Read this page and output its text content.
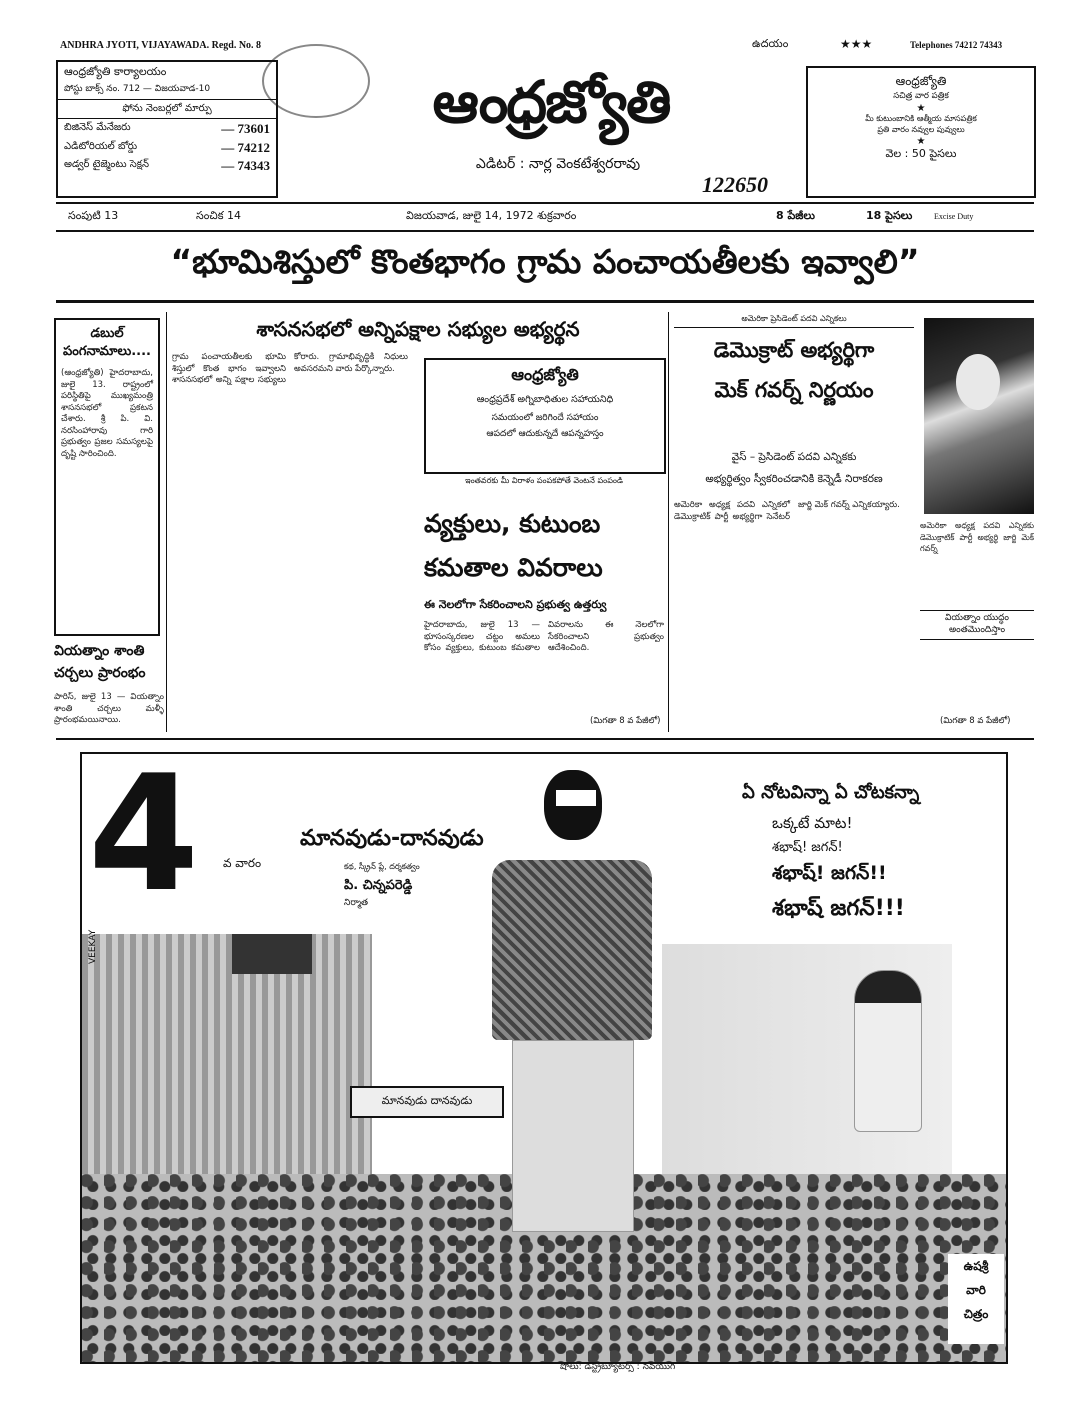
ANDHRA JYOTI, VIJAYAWADA. Regd. No. 8	ఉదయం	★★★	Telephones 74212 74343
ఆంధ్రజ్యోతి కార్యాలయం
పోస్టు బాక్స్ నం. 712 — విజయవాడ-10
ఫోను నెంబర్లలో మార్పు
బిజినెస్ మేనేజరు	— 73601
ఎడిటోరియల్ బోర్డు	— 74212
అడ్వర్ టైజ్మెంటు సెక్షన్	— 74343
ఆంధ్రజ్యోతి
ఎడిటర్ : నార్ల వెంకటేశ్వరరావు
122650
ఆంధ్రజ్యోతి
సచిత్ర వార పత్రిక
★
మీ కుటుంబానికి ఆత్మీయ మాసపత్రిక
ప్రతి వారం నవ్వుల పువ్వులు
★
వెల : 50 పైసలు
సంపుటి 13	సంచిక 14	విజయవాడ, జులై 14, 1972 శుక్రవారం	8 పేజీలు	18 పైసలు	Excise Duty
“భూమిశిస్తులో కొంతభాగం గ్రామ పంచాయతీలకు ఇవ్వాలి”
డబుల్ పంగనామాలు....
(ఆంధ్రజ్యోతి) హైదరాబాదు, జులై 13. రాష్ట్రంలో పరిస్థితిపై ముఖ్యమంత్రి శాసనసభలో ప్రకటన చేశారు. శ్రీ పి. వి. నరసింహారావు గారి ప్రభుత్వం ప్రజల సమస్యలపై దృష్టి సారించింది.
వియత్నాం శాంతి చర్చలు ప్రారంభం
పారిస్, జులై 13 — వియత్నాం శాంతి చర్చలు మళ్ళీ ప్రారంభమయినాయి.
శాసనసభలో అన్నిపక్షాల సభ్యుల అభ్యర్థన
గ్రామ పంచాయతీలకు భూమి శిస్తులో కొంత భాగం ఇవ్వాలని శాసనసభలో అన్ని పక్షాల సభ్యులు కోరారు. గ్రామాభివృద్ధికి నిధులు అవసరమని వారు పేర్కొన్నారు.	ఆంధ్రజ్యోతి
ఆంధ్రప్రదేశ్ అగ్నిబాధితుల సహాయనిధి
సమయంలో జరిగిందే సహాయం
ఆపదలో ఆదుకున్నదే ఆపన్నహస్తం
ఇంతవరకు మీ విరాళం పంపకపోతే వెంటనే పంపండి
వ్యక్తులు, కుటుంబ
కమతాల వివరాలు
ఈ నెలలోగా సేకరించాలని ప్రభుత్వ ఉత్తర్వు
హైదరాబాదు, జులై 13 — భూసంస్కరణల చట్టం అమలు కోసం వ్యక్తులు, కుటుంబ కమతాల వివరాలను ఈ నెలలోగా సేకరించాలని ప్రభుత్వం ఆదేశించింది.
(మిగతా 8 వ పేజీలో)
అమెరికా ప్రెసిడెంట్ పదవి ఎన్నికలు
డెమొక్రాట్ అభ్యర్థిగా
మెక్ గవర్న్ నిర్ణయం
వైస్ – ప్రెసిడెంట్ పదవి ఎన్నికకు
అభ్యర్థిత్వం స్వీకరించడానికి కెన్నెడీ నిరాకరణ
అమెరికా అధ్యక్ష పదవి ఎన్నికలో డెమొక్రాటిక్ పార్టీ అభ్యర్థిగా సెనేటర్ జార్జి మెక్ గవర్న్ ఎన్నికయ్యారు.
అమెరికా అధ్యక్ష పదవి ఎన్నికకు డెమొక్రాటిక్ పార్టీ అభ్యర్థి జార్జి మెక్ గవర్న్
వియత్నాం యుద్ధం అంతమొందిస్తాం
(మిగతా 8 వ పేజీలో)
మానవుడు దానవుడు
4	వ వారం
మానవుడు-దానవుడు
కథ, స్క్రీన్ ప్లే, దర్శకత్వం
పి. చిన్నపరెడ్డి
నిర్మాత
VEEKAY
ఏ నోటవిన్నా ఏ చోటకన్నా
ఒక్కటే మాట!
శభాష్! జగన్!
శభాష్! జగన్!!
శభాష్ జగన్!!!
ఉషశ్రీ
వారి
చిత్రం
షోలు: డిస్ట్రిబ్యూటర్స్ : నవయుగ
